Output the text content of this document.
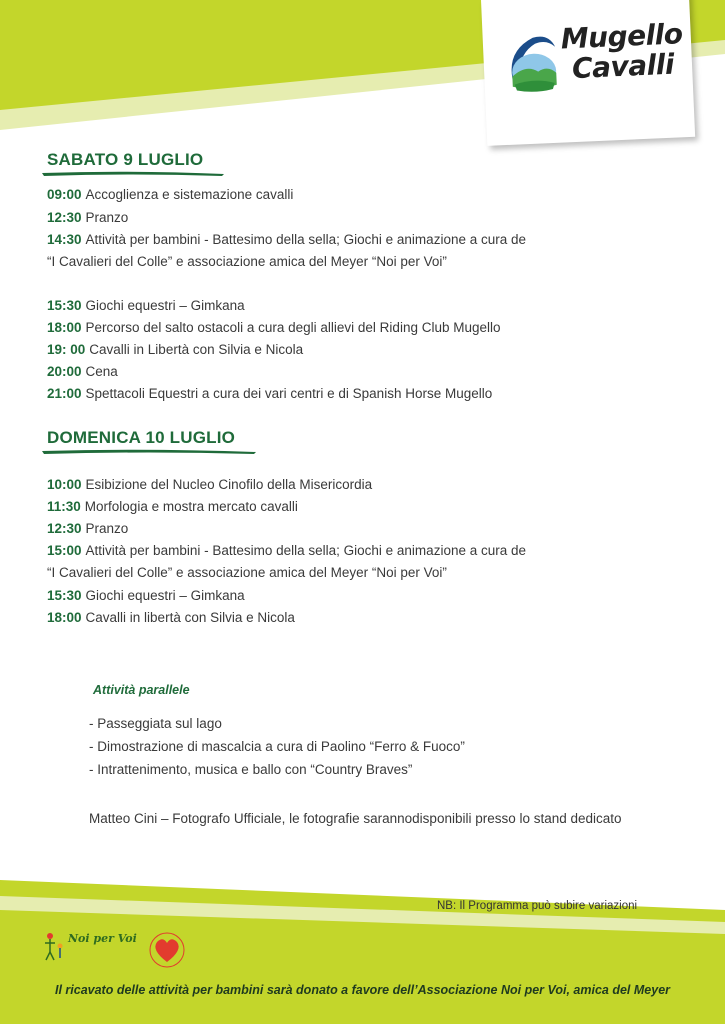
Mugello
Cavalli
SABATO 9 LUGLIO
09:00 Accoglienza e sistemazione cavalli
12:30 Pranzo
14:30 Attività per bambini - Battesimo della sella; Giochi e animazione a cura de
“I Cavalieri del Colle” e associazione amica del Meyer “Noi per Voi”
15:30 Giochi equestri – Gimkana
18:00 Percorso del salto ostacoli a cura degli allievi del Riding Club Mugello
19: 00 Cavalli in Libertà con Silvia e Nicola
20:00 Cena
21:00 Spettacoli Equestri a cura dei vari centri e di Spanish Horse Mugello
DOMENICA 10 LUGLIO
10:00 Esibizione del Nucleo Cinofilo della Misericordia
11:30 Morfologia e mostra mercato cavalli
12:30 Pranzo
15:00 Attività per bambini - Battesimo della sella; Giochi e animazione a cura de
“I Cavalieri del Colle” e associazione amica del Meyer “Noi per Voi”
15:30 Giochi equestri – Gimkana
18:00 Cavalli in libertà con Silvia e Nicola
Attività parallele
- Passeggiata sul lago
- Dimostrazione di mascalcia a cura di Paolino “Ferro & Fuoco”
- Intrattenimento, musica e ballo con “Country Braves”
Matteo Cini – Fotografo Ufficiale, le fotografie sarannodisponibili presso lo stand dedicato
NB: Il Programma può subire variazioni
Noi per Voi
Il ricavato delle attività per bambini sarà donato a favore dell’Associazione Noi per Voi, amica del Meyer
